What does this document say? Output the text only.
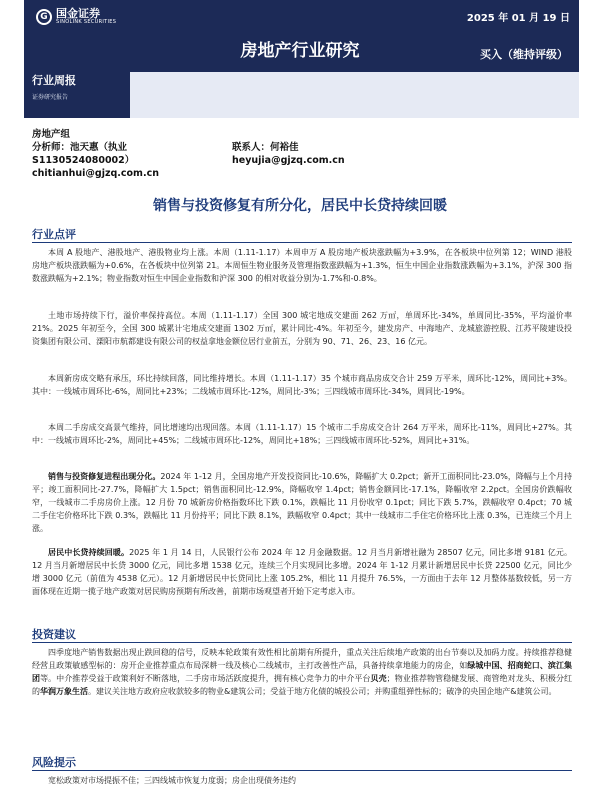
G 国金证券
SINOLINK SECURITIES	2025 年 01 月 19 日
房地产行业研究	买入（维持评级）
行业周报
证券研究报告
房地产组
分析师：池天惠（执业
S1130524080002）
chitianhui@gjzq.com.cn
联系人：何裕佳
heyujia@gjzq.com.cn
销售与投资修复有所分化，居民中长贷持续回暖
行业点评

本周 A 股地产、港股地产、港股物业均上涨。本周（1.11-1.17）本周申万 A 股房地产板块涨跌幅为+3.9%，在各板块中位列第 12；WIND 港股房地产板块涨跌幅为+0.6%，在各板块中位列第 21。本周恒生物业服务及管理指数涨跌幅为+1.3%，恒生中国企业指数涨跌幅为+3.1%，沪深 300 指数涨跌幅为+2.1%；物业指数对恒生中国企业指数和沪深 300 的相对收益分别为-1.7%和-0.8%。

土地市场持续下行，溢价率保持高位。本周（1.11-1.17）全国 300 城宅地成交建面 262 万㎡，单周环比-34%，单周同比-35%，平均溢价率 21%。2025 年初至今，全国 300 城累计宅地成交建面 1302 万㎡，累计同比-4%。年初至今，建发房产、中海地产、龙城旅游控股、江苏平陵建设投资集团有限公司、溧阳市航都建设有限公司的权益拿地金额位居行业前五，分别为 90、71、26、23、16 亿元。

本周新房成交略有承压，环比持续回落，同比维持增长。本周（1.11-1.17）35 个城市商品房成交合计 259 万平米，周环比-12%，周同比+3%。其中：一线城市周环比-6%，周同比+23%；二线城市周环比-12%，周同比-3%；三四线城市周环比-34%，周同比-19%。

本周二手房成交高景气维持，同比增速均出现回落。本周（1.11-1.17）15 个城市二手房成交合计 264 万平米，周环比-11%，周同比+27%。其中：一线城市周环比-2%，周同比+45%；二线城市周环比-12%，周同比+18%；三四线城市周环比-52%，周同比+31%。

销售与投资修复进程出现分化。2024 年 1-12 月，全国房地产开发投资同比-10.6%，降幅扩大 0.2pct；新开工面积同比-23.0%，降幅与上个月持平；竣工面积同比-27.7%，降幅扩大 1.5pct；销售面积同比-12.9%，降幅收窄 1.4pct；销售金额同比-17.1%，降幅收窄 2.2pct。全国房价跌幅收窄，一线城市二手房房价上涨。12 月份 70 城新房价格指数环比下跌 0.1%，跌幅比 11 月份收窄 0.1pct；同比下跌 5.7%，跌幅收窄 0.4pct；70 城二手住宅价格环比下跌 0.3%，跌幅比 11 月份持平；同比下跌 8.1%，跌幅收窄 0.4pct；其中一线城市二手住宅价格环比上涨 0.3%，已连续三个月上涨。

居民中长贷持续回暖。2025 年 1 月 14 日，人民银行公布 2024 年 12 月金融数据。12 月当月新增社融为 28507 亿元，同比多增 9181 亿元。12 月当月新增居民中长贷 3000 亿元，同比多增 1538 亿元，连续三个月实现同比多增。2024 年 1-12 月累计新增居民中长贷 22500 亿元，同比少增 3000 亿元（前值为 4538 亿元）。12 月新增居民中长贷同比上涨 105.2%，相比 11 月提升 76.5%，一方面由于去年 12 月整体基数较低，另一方面体现在近期一揽子地产政策对居民购房预期有所改善，前期市场观望者开始下定考虑入市。

投资建议

四季度地产销售数据出现止跌回稳的信号，反映本轮政策有效性相比前期有所提升，重点关注后续地产政策的出台节奏以及加码力度。持续推荐稳健经营且政策敏感型标的：房开企业推荐重点布局深耕一线及核心二线城市，主打改善性产品，具备持续拿地能力的房企，如绿城中国、招商蛇口、滨江集团等。中介推荐受益于政策利好不断落地，二手房市场活跃度提升，拥有核心竞争力的中介平台贝壳；物业推荐物管稳健发展、商管绝对龙头、积极分红的华润万象生活。建议关注地方政府应收款较多的物业&建筑公司；受益于地方化债的城投公司；并购重组弹性标的；破净的央国企地产&建筑公司。

风险提示

宽松政策对市场提振不佳；三四线城市恢复力度弱；房企出现债务违约
